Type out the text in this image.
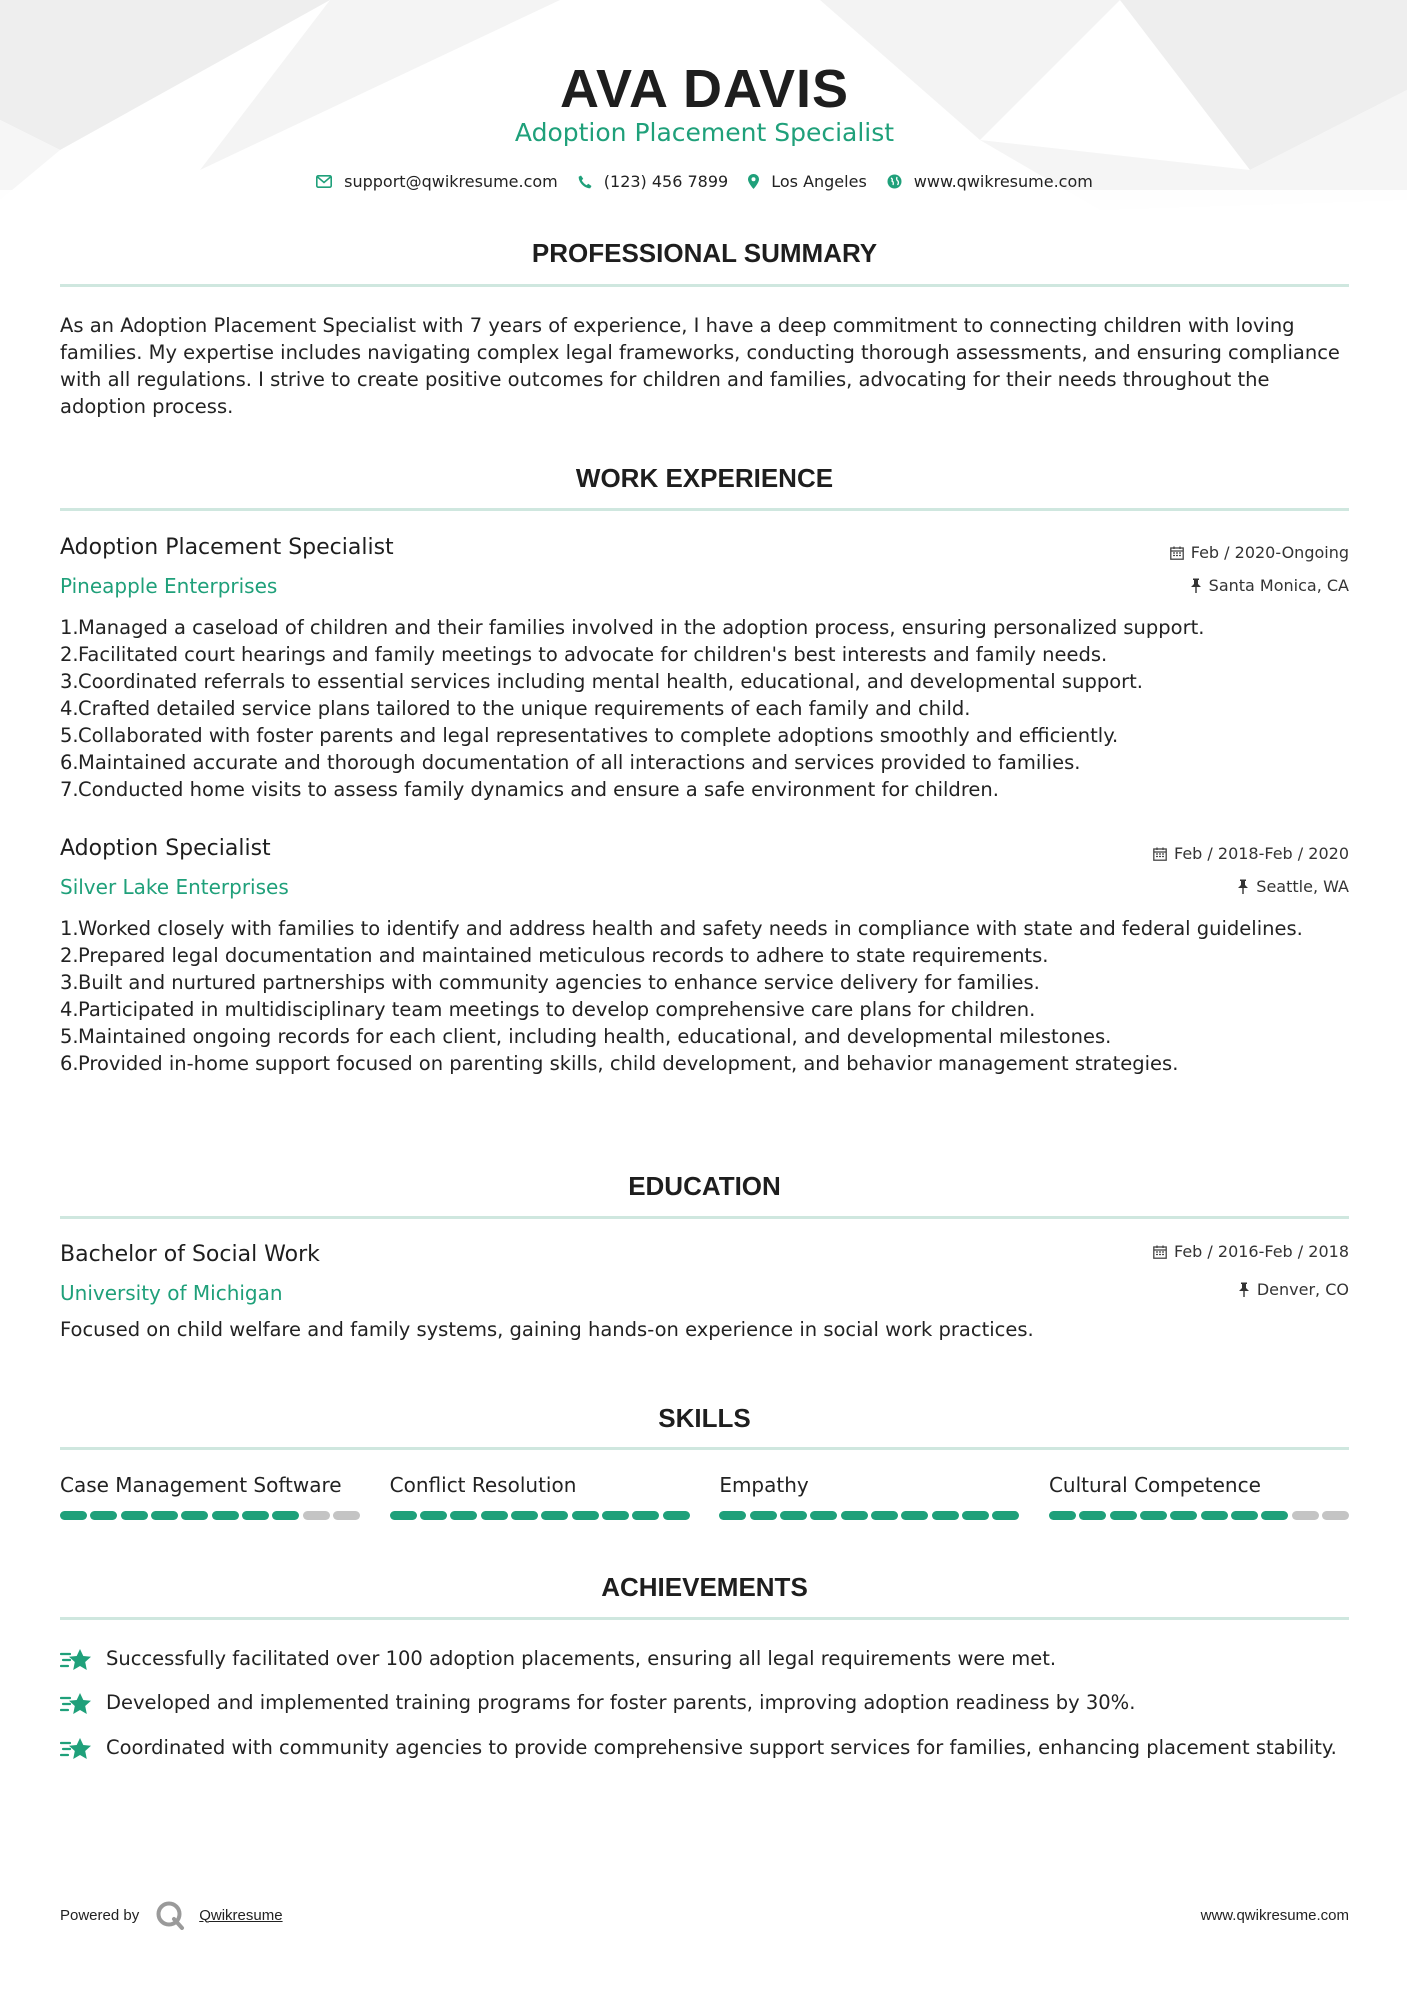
AVA DAVIS
Adoption Placement Specialist
support@qwikresume.com	(123) 456 7899	Los Angeles	www.qwikresume.com
PROFESSIONAL SUMMARY
As an Adoption Placement Specialist with 7 years of experience, I have a deep commitment to connecting children with loving families. My expertise includes navigating complex legal frameworks, conducting thorough assessments, and ensuring compliance with all regulations. I strive to create positive outcomes for children and families, advocating for their needs throughout the adoption process.
WORK EXPERIENCE
Adoption Placement Specialist
Pineapple Enterprises
Feb / 2020-Ongoing
Santa Monica, CA
Managed a caseload of children and their families involved in the adoption process, ensuring personalized support.
Facilitated court hearings and family meetings to advocate for children's best interests and family needs.
Coordinated referrals to essential services including mental health, educational, and developmental support.
Crafted detailed service plans tailored to the unique requirements of each family and child.
Collaborated with foster parents and legal representatives to complete adoptions smoothly and efficiently.
Maintained accurate and thorough documentation of all interactions and services provided to families.
Conducted home visits to assess family dynamics and ensure a safe environment for children.
Adoption Specialist
Silver Lake Enterprises
Feb / 2018-Feb / 2020
Seattle, WA
Worked closely with families to identify and address health and safety needs in compliance with state and federal guidelines.
Prepared legal documentation and maintained meticulous records to adhere to state requirements.
Built and nurtured partnerships with community agencies to enhance service delivery for families.
Participated in multidisciplinary team meetings to develop comprehensive care plans for children.
Maintained ongoing records for each client, including health, educational, and developmental milestones.
Provided in-home support focused on parenting skills, child development, and behavior management strategies.
EDUCATION
Bachelor of Social Work
University of Michigan
Feb / 2016-Feb / 2018
Denver, CO
Focused on child welfare and family systems, gaining hands-on experience in social work practices.
SKILLS
Case Management Software	Conflict Resolution	Empathy	Cultural Competence
ACHIEVEMENTS
Successfully facilitated over 100 adoption placements, ensuring all legal requirements were met.
Developed and implemented training programs for foster parents, improving adoption readiness by 30%.
Coordinated with community agencies to provide comprehensive support services for families, enhancing placement stability.
Powered by	Qwikresume	www.qwikresume.com
